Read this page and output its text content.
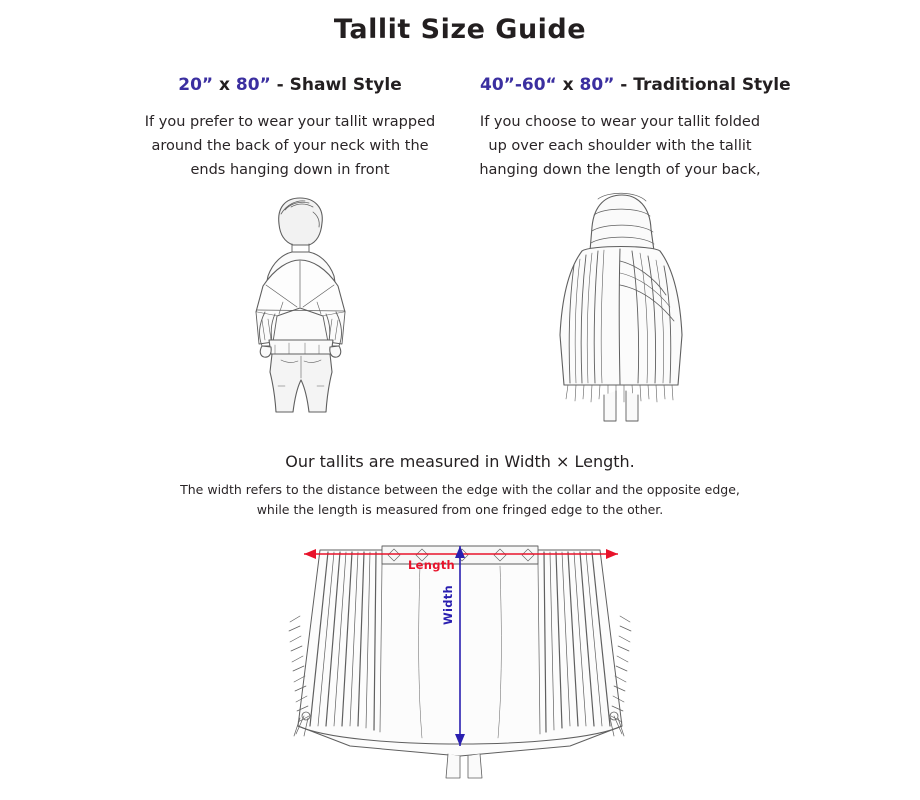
Tallit Size Guide
20” x 80” - Shawl Style
If you prefer to wear your tallit wrapped around the back of your neck with the ends hanging down in front
40”-60“ x 80” - Traditional Style
If you choose to wear your tallit folded up over each shoulder with the tallit hanging down the length of your back,
Our tallits are measured in Width × Length.
The width refers to the distance between the edge with the collar and the opposite edge,
while the length is measured from one fringed edge to the other.
Length
Width
